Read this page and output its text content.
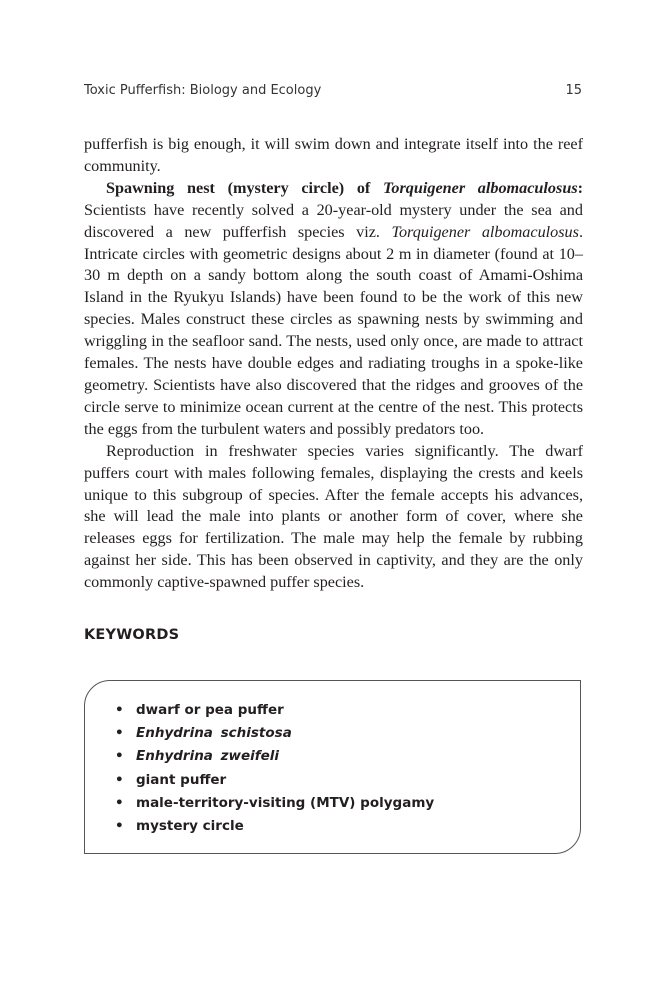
Toxic Pufferfish: Biology and Ecology	15

pufferfish is big enough, it will swim down and integrate itself into the reef community.

Spawning nest (mystery circle) of Torquigener albomaculosus: Scientists have recently solved a 20-year-old mystery under the sea and discovered a new pufferfish species viz. Torquigener albomaculosus. Intricate circles with geometric designs about 2 m in diameter (found at 10–30 m depth on a sandy bottom along the south coast of Amami-Oshima Island in the Ryukyu Islands) have been found to be the work of this new species. Males construct these circles as spawning nests by swimming and wriggling in the seafloor sand. The nests, used only once, are made to attract females. The nests have double edges and radiating troughs in a spoke-like geometry. Scientists have also discovered that the ridges and grooves of the circle serve to minimize ocean current at the centre of the nest. This protects the eggs from the turbulent waters and possibly predators too.

Reproduction in freshwater species varies significantly. The dwarf puffers court with males following females, displaying the crests and keels unique to this subgroup of species. After the female accepts his advances, she will lead the male into plants or another form of cover, where she releases eggs for fertilization. The male may help the female by rubbing against her side. This has been observed in captivity, and they are the only commonly captive-spawned puffer species.

KEYWORDS
• dwarf or pea puffer
• Enhydrina schistosa
• Enhydrina zweifeli
• giant puffer
• male-territory-visiting (MTV) polygamy
• mystery circle
